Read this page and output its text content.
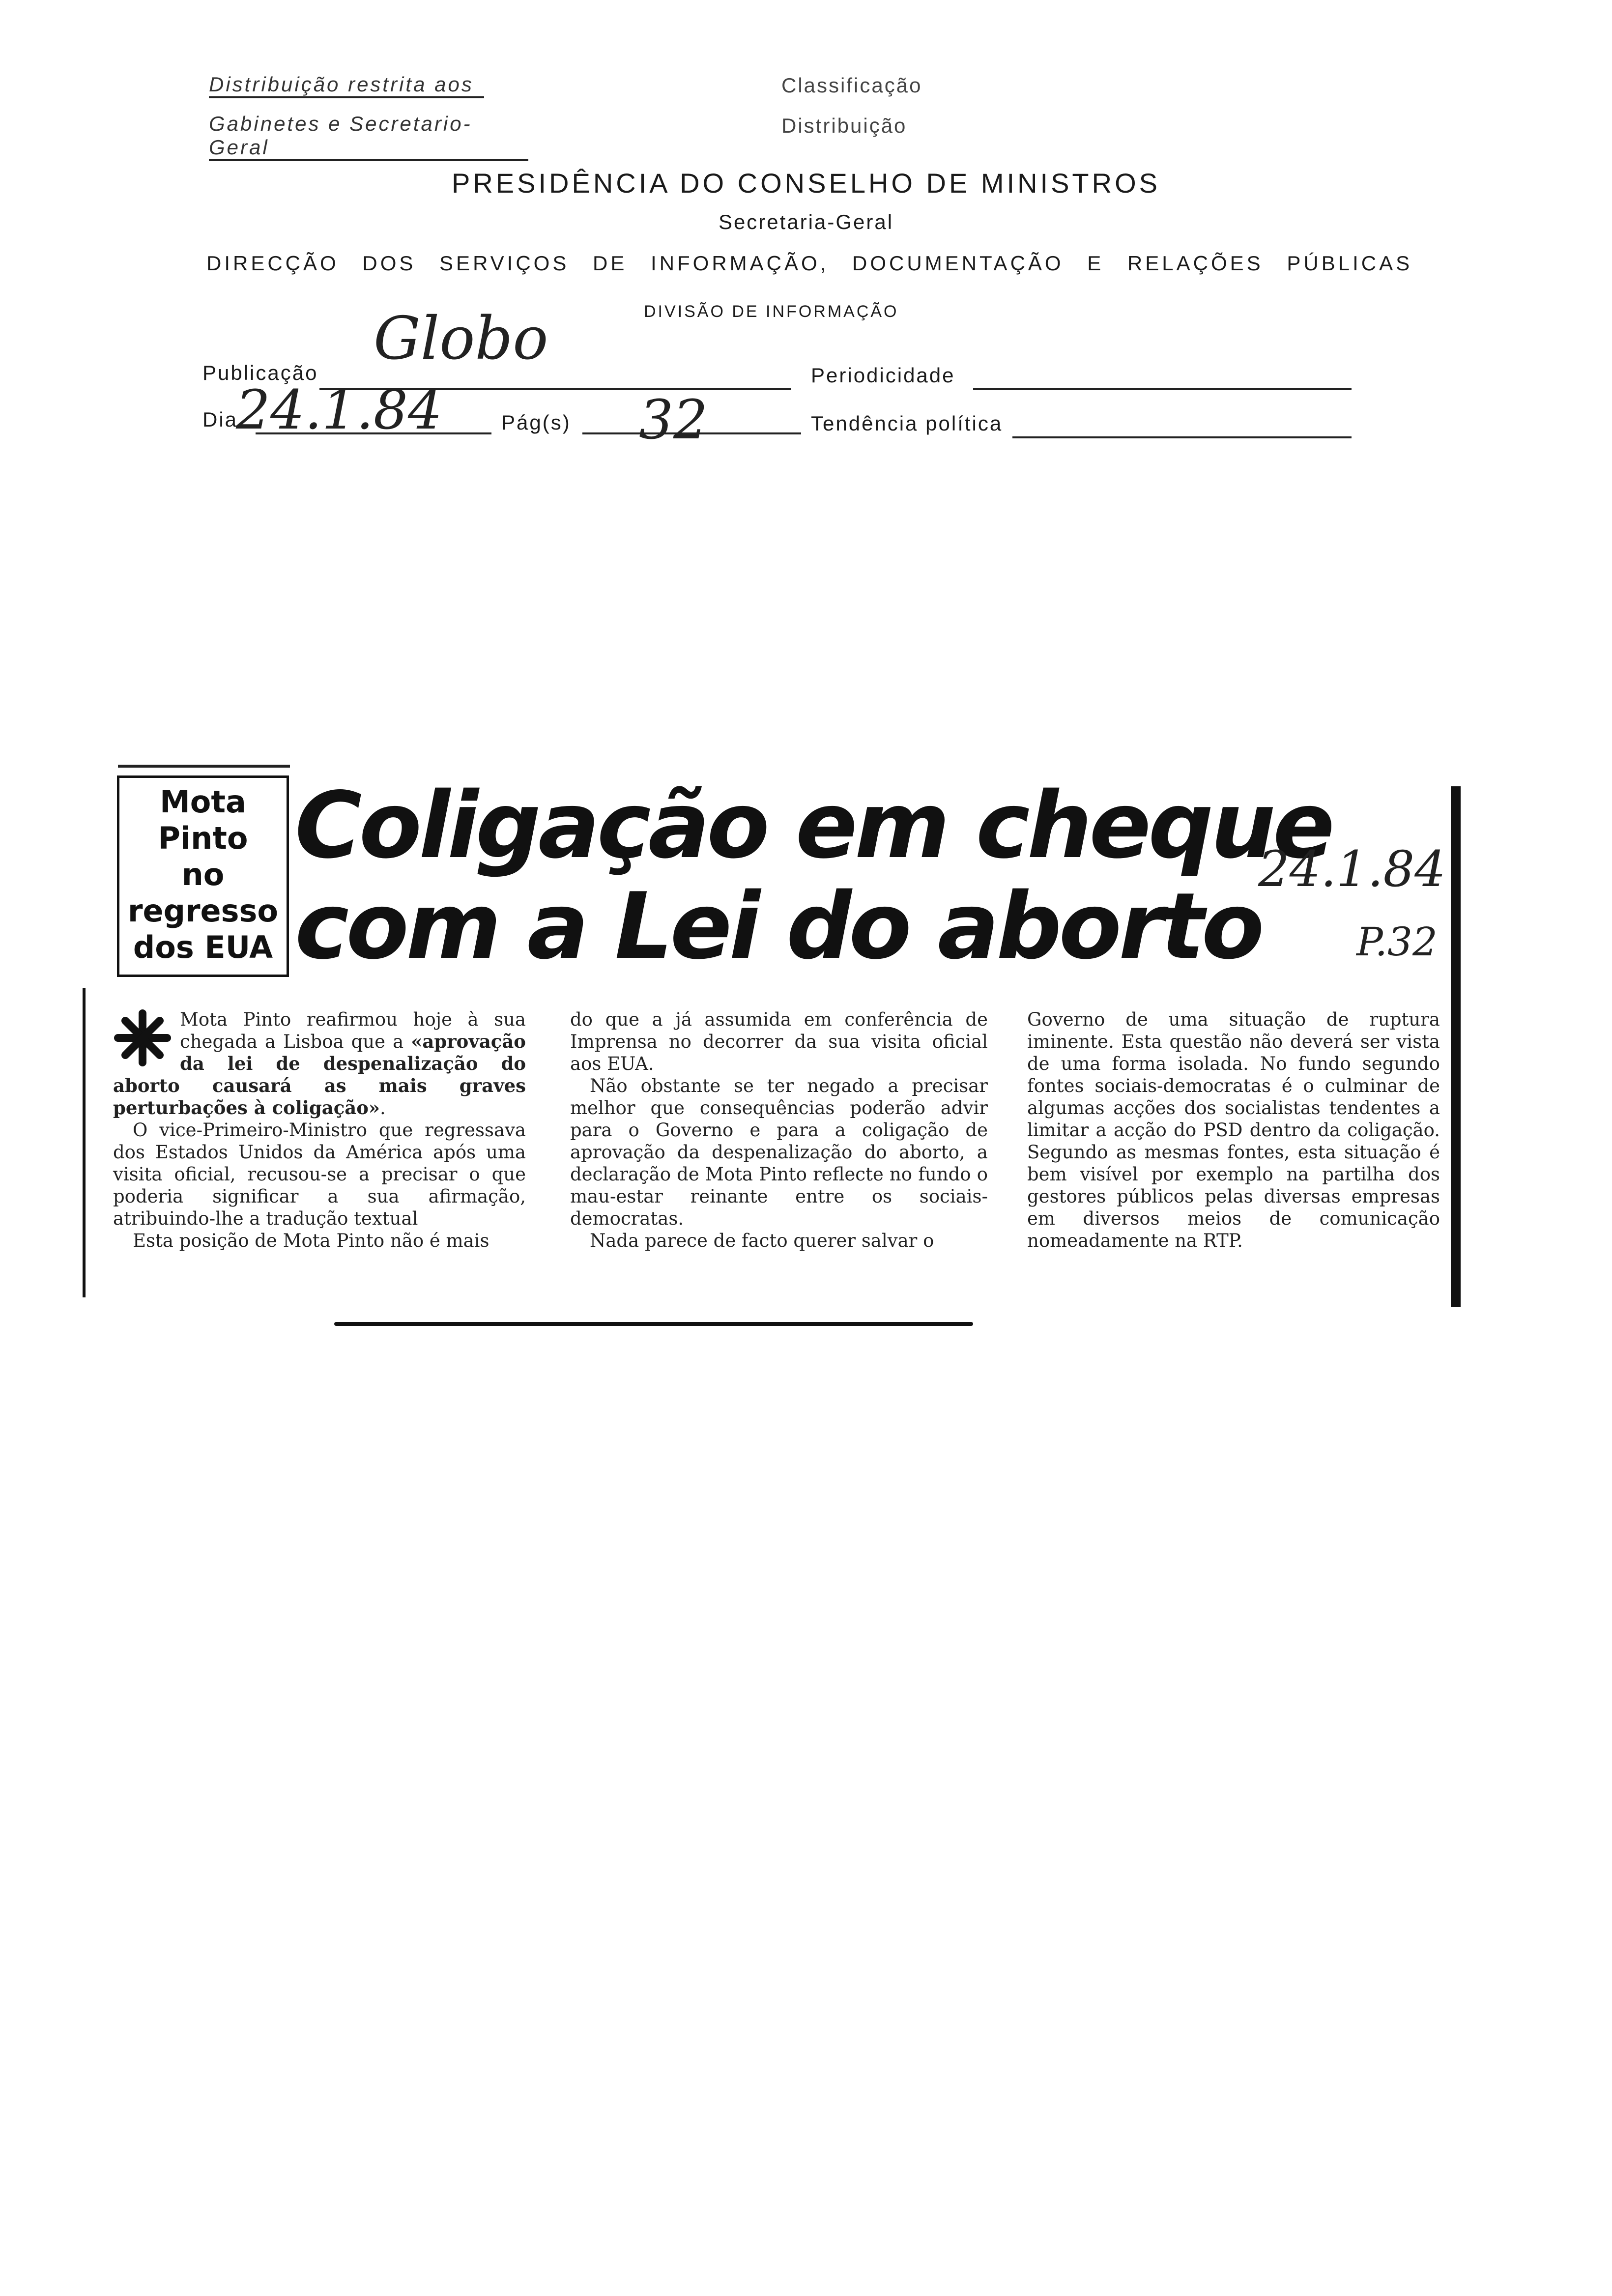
Distribuição restrita aos
Gabinetes e Secretario-Geral
Classificação
Distribuição
PRESIDÊNCIA DO CONSELHO DE MINISTROS
Secretaria-Geral
DIRECÇÃO DOS SERVIÇOS DE INFORMAÇÃO, DOCUMENTAÇÃO E RELAÇÕES PÚBLICAS
DIVISÃO DE INFORMAÇÃO
Publicação Globo
Periodicidade
Dia
24.1.84	Pág(s) 32	Tendência política
Mota
Pinto
no
regresso
dos EUA
Coligação em cheque
com a Lei do aborto
24.1.84
P.32

Mota Pinto reafirmou hoje à sua chegada a Lisboa que a «aprovação da lei de despenalização do aborto causará as mais graves perturbações à coligação».

O vice-Primeiro-Ministro que regressava dos Estados Unidos da América após uma visita oficial, recusou-se a precisar o que poderia significar a sua afirmação, atribuindo-lhe a tradução textual

Esta posição de Mota Pinto não é mais

do que a já assumida em conferência de Imprensa no decorrer da sua visita oficial aos EUA.

Não obstante se ter negado a precisar melhor que consequências poderão advir para o Governo e para a coligação de aprovação da despenalização do aborto, a declaração de Mota Pinto reflecte no fundo o mau-estar reinante entre os sociais-democratas.

Nada parece de facto querer salvar o

Governo de uma situação de ruptura iminente. Esta questão não deverá ser vista de uma forma isolada. No fundo segundo fontes sociais-democratas é o culminar de algumas acções dos socialistas tendentes a limitar a acção do PSD dentro da coligação. Segundo as mesmas fontes, esta situação é bem visível por exemplo na partilha dos gestores públicos pelas diversas empresas em diversos meios de comunicação nomeadamente na RTP.
